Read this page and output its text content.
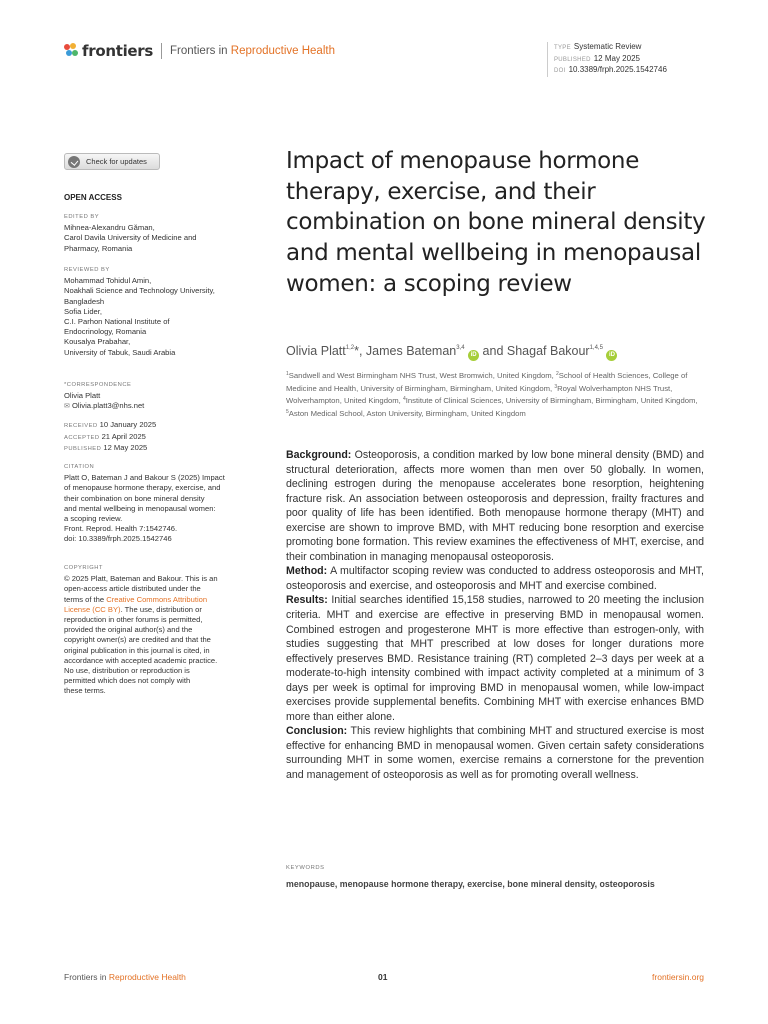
frontiers Frontiers in Reproductive Health	TYPE Systematic Review
PUBLISHED 12 May 2025
DOI 10.3389/frph.2025.1542746
Check for updates
OPEN ACCESS
EDITED BY
Mihnea-Alexandru Găman,
Carol Davila University of Medicine and
Pharmacy, Romania
REVIEWED BY
Mohammad Tohidul Amin,
Noakhali Science and Technology University,
Bangladesh
Sofia Lider,
C.I. Parhon National Institute of
Endocrinology, Romania
Kousalya Prabahar,
University of Tabuk, Saudi Arabia
*CORRESPONDENCE
Olivia Platt
✉ Olivia.platt3@nhs.net
RECEIVED 10 January 2025
ACCEPTED 21 April 2025
PUBLISHED 12 May 2025
CITATION
Platt O, Bateman J and Bakour S (2025) Impact
of menopause hormone therapy, exercise, and
their combination on bone mineral density
and mental wellbeing in menopausal women:
a scoping review.
Front. Reprod. Health 7:1542746.
doi: 10.3389/frph.2025.1542746
COPYRIGHT
© 2025 Platt, Bateman and Bakour. This is an
open-access article distributed under the
terms of the Creative Commons Attribution
License (CC BY). The use, distribution or
reproduction in other forums is permitted,
provided the original author(s) and the
copyright owner(s) are credited and that the
original publication in this journal is cited, in
accordance with accepted academic practice.
No use, distribution or reproduction is
permitted which does not comply with
these terms.
Impact of menopause hormone therapy, exercise, and their combination on bone mineral density and mental wellbeing in menopausal women: a scoping review
Olivia Platt$^{1,2}$*, James Bateman$^{3,4}$ iD and Shagaf Bakour$^{1,4,5}$ iD
$^1$Sandwell and West Birmingham NHS Trust, West Bromwich, United Kingdom, $^2$School of Health Sciences, College of Medicine and Health, University of Birmingham, Birmingham, United Kingdom, $^3$Royal Wolverhampton NHS Trust, Wolverhampton, United Kingdom, $^4$Institute of Clinical Sciences, University of Birmingham, Birmingham, United Kingdom, $^5$Aston Medical School, Aston University, Birmingham, United Kingdom

Background: Osteoporosis, a condition marked by low bone mineral density (BMD) and structural deterioration, affects more women than men over 50 globally. In women, declining estrogen during the menopause accelerates bone resorption, heightening fracture risk. An association between osteoporosis and depression, frailty fractures and poor quality of life has been identified. Both menopause hormone therapy (MHT) and exercise are shown to improve BMD, with MHT reducing bone resorption and exercise promoting bone formation. This review examines the effectiveness of MHT, exercise, and their combination in managing menopausal osteoporosis.

Method: A multifactor scoping review was conducted to address osteoporosis and MHT, osteoporosis and exercise, and osteoporosis and MHT and exercise combined.

Results: Initial searches identified 15,158 studies, narrowed to 20 meeting the inclusion criteria. MHT and exercise are effective in preserving BMD in menopausal women. Combined estrogen and progesterone MHT is more effective than estrogen-only, with studies suggesting that MHT prescribed at low doses for longer durations more effectively preserves BMD. Resistance training (RT) completed 2–3 days per week at a moderate-to-high intensity combined with impact activity completed at a minimum of 3 days per week is optimal for improving BMD in menopausal women, while low-impact exercises provide supplemental benefits. Combining MHT with exercise enhances BMD more than either alone.

Conclusion: This review highlights that combining MHT and structured exercise is most effective for enhancing BMD in menopausal women. Given certain safety considerations surrounding MHT in some women, exercise remains a cornerstone for the prevention and management of osteoporosis as well as for promoting overall wellness.

KEYWORDS
menopause, menopause hormone therapy, exercise, bone mineral density, osteoporosis
Frontiers in Reproductive Health	01	frontiersin.org
